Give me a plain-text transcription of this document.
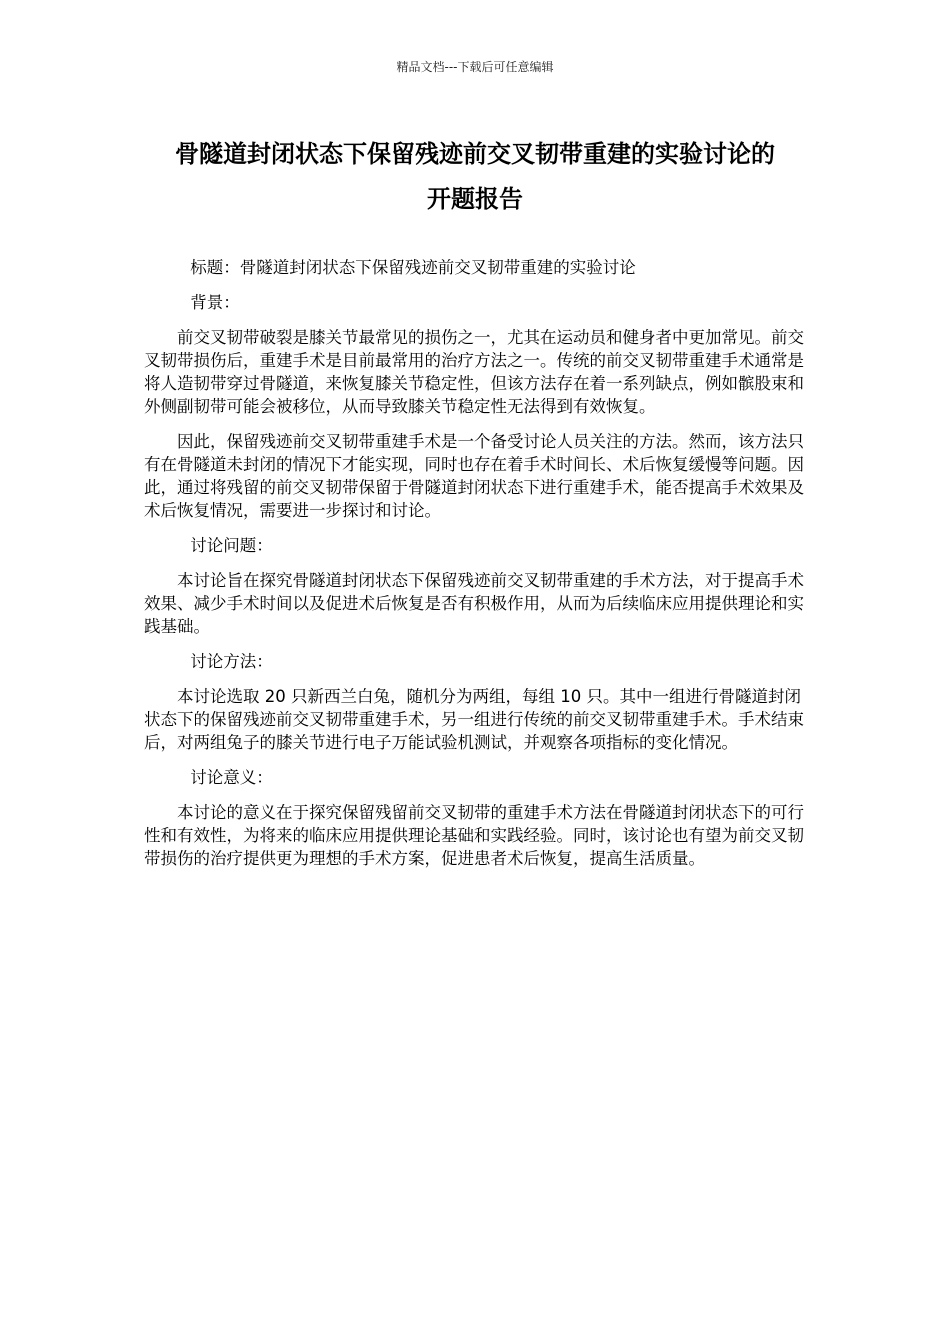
精品文档---下载后可任意编辑
骨隧道封闭状态下保留残迹前交叉韧带重建的实验讨论的
开题报告

标题：骨隧道封闭状态下保留残迹前交叉韧带重建的实验讨论

背景：

前交叉韧带破裂是膝关节最常见的损伤之一，尤其在运动员和健身者中更加常见。前交叉韧带损伤后，重建手术是目前最常用的治疗方法之一。传统的前交叉韧带重建手术通常是将人造韧带穿过骨隧道，来恢复膝关节稳定性，但该方法存在着一系列缺点，例如髌股束和外侧副韧带可能会被移位，从而导致膝关节稳定性无法得到有效恢复。

因此，保留残迹前交叉韧带重建手术是一个备受讨论人员关注的方法。然而，该方法只有在骨隧道未封闭的情况下才能实现，同时也存在着手术时间长、术后恢复缓慢等问题。因此，通过将残留的前交叉韧带保留于骨隧道封闭状态下进行重建手术，能否提高手术效果及术后恢复情况，需要进一步探讨和讨论。

讨论问题：

本讨论旨在探究骨隧道封闭状态下保留残迹前交叉韧带重建的手术方法，对于提高手术效果、减少手术时间以及促进术后恢复是否有积极作用，从而为后续临床应用提供理论和实践基础。

讨论方法：

本讨论选取 20 只新西兰白兔，随机分为两组，每组 10 只。其中一组进行骨隧道封闭状态下的保留残迹前交叉韧带重建手术，另一组进行传统的前交叉韧带重建手术。手术结束后，对两组兔子的膝关节进行电子万能试验机测试，并观察各项指标的变化情况。

讨论意义：

本讨论的意义在于探究保留残留前交叉韧带的重建手术方法在骨隧道封闭状态下的可行性和有效性，为将来的临床应用提供理论基础和实践经验。同时，该讨论也有望为前交叉韧带损伤的治疗提供更为理想的手术方案，促进患者术后恢复，提高生活质量。
